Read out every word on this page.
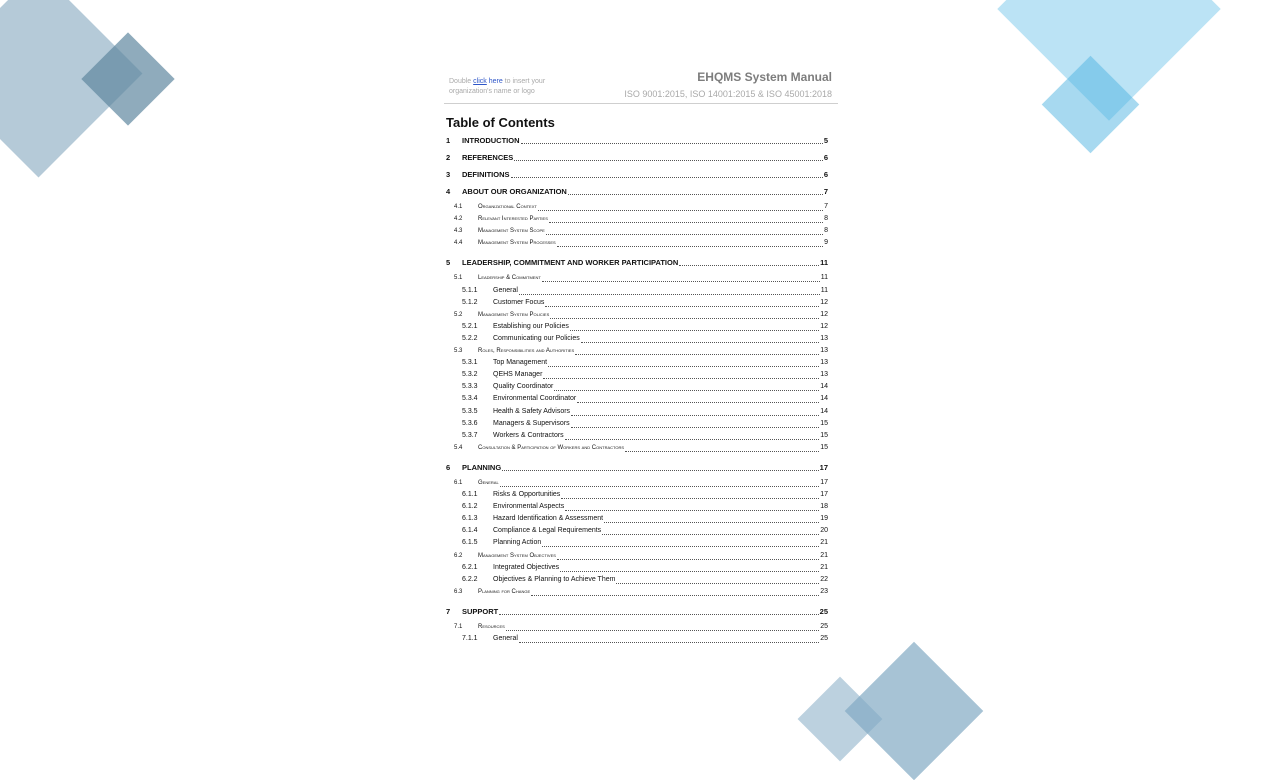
Double click here to insert your organization's name or logo
EHQMS System Manual
ISO 9001:2015, ISO 14001:2015 & ISO 45001:2018
Table of Contents
1	INTRODUCTION	5
2	REFERENCES	6
3	DEFINITIONS	6
4	ABOUT OUR ORGANIZATION	7
4.1	Organizational Context	7
4.2	Relevant Interested Parties	8
4.3	Management System Scope	8
4.4	Management System Processes	9
5	LEADERSHIP, COMMITMENT AND WORKER PARTICIPATION	11
5.1	Leadership & Commitment	11
5.1.1	General	11
5.1.2	Customer Focus	12
5.2	Management System Policies	12
5.2.1	Establishing our Policies	12
5.2.2	Communicating our Policies	13
5.3	Roles, Responsibilities and Authorities	13
5.3.1	Top Management	13
5.3.2	QEHS Manager	13
5.3.3	Quality Coordinator	14
5.3.4	Environmental Coordinator	14
5.3.5	Health & Safety Advisors	14
5.3.6	Managers & Supervisors	15
5.3.7	Workers & Contractors	15
5.4	Consultation & Participation of Workers and Contractors	15
6	PLANNING	17
6.1	General	17
6.1.1	Risks & Opportunities	17
6.1.2	Environmental Aspects	18
6.1.3	Hazard Identification & Assessment	19
6.1.4	Compliance & Legal Requirements	20
6.1.5	Planning Action	21
6.2	Management System Objectives	21
6.2.1	Integrated Objectives	21
6.2.2	Objectives & Planning to Achieve Them	22
6.3	Planning for Change	23
7	SUPPORT	25
7.1	Resources	25
7.1.1	General	25
